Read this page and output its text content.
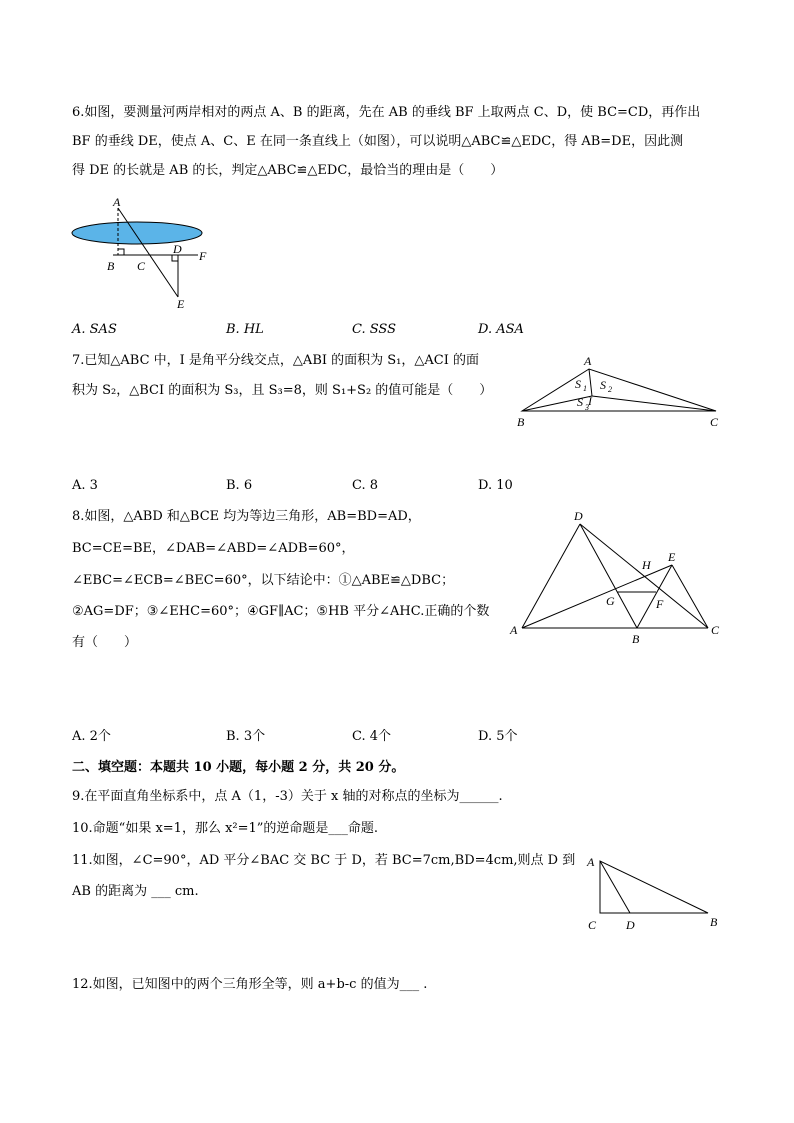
6.如图，要测量河两岸相对的两点 A、B 的距离，先在 AB 的垂线 BF 上取两点 C、D，使 BC=CD，再作出
BF 的垂线 DE，使点 A、C、E 在同一条直线上（如图），可以说明△ABC≌△EDC，得 AB=DE，因此测
得 DE 的长就是 AB 的长，判定△ABC≌△EDC，最恰当的理由是（　　）
A
B C
D F
E
A. SAS	B. HL	C. SSS	D. ASA
7.已知△ABC 中，I 是角平分线交点，△ABI 的面积为 S₁，△ACI 的面
积为 S₂，△BCI 的面积为 S₃，且 S₃=8，则 S₁+S₂ 的值可能是（　　）
A
B	C
S 1 S 2
S 3 I
A. 3	B. 6	C. 8	D. 10
8.如图，△ABD 和△BCE 均为等边三角形，AB=BD=AD，
BC=CE=BE，∠DAB=∠ABD=∠ADB=60°，
∠EBC=∠ECB=∠BEC=60°，以下结论中：①△ABE≌△DBC；
②AG=DF；③∠EHC=60°；④GF∥AC；⑤HB 平分∠AHC.正确的个数
有（　　）
D
E
H
G	F
A
B
C
A. 2个	B. 3个	C. 4个	D. 5个
二、填空题：本题共 10 小题，每小题 2 分，共 20 分。
9.在平面直角坐标系中，点 A（1，-3）关于 x 轴的对称点的坐标为______.
10.命题“如果 x=1，那么 x²=1”的逆命题是___命题.
11.如图，∠C=90°，AD 平分∠BAC 交 BC 于 D，若 BC=7cm,BD=4cm,则点 D 到
AB 的距离为 ___ cm.
A
C D	B
12.如图，已知图中的两个三角形全等，则 a+b-c 的值为___ .
